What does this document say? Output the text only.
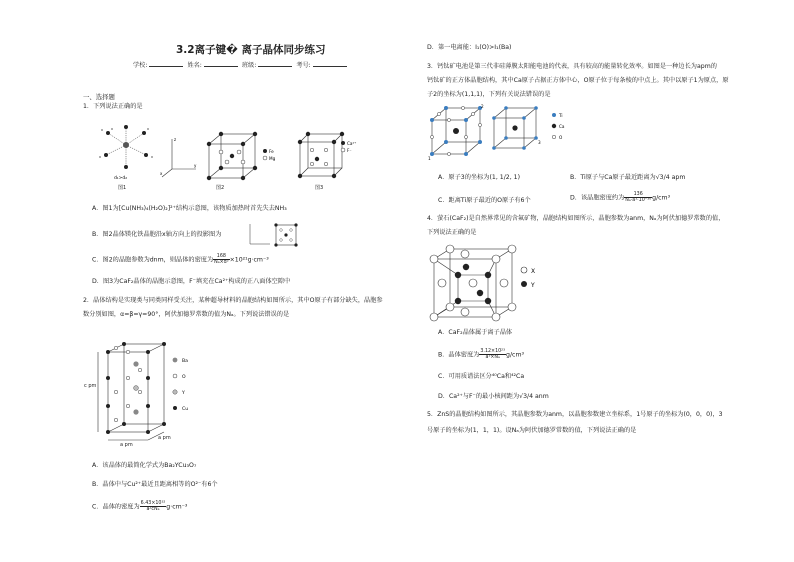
3.2离子键� 离子晶体同步练习
学校:	姓名:	班级:	考号:
一、选择题
1．下列说法正确的是
d₁>d₂
z
y
x
Fe
Mg
Ca²⁺
F⁻
图1	图2	图3
A．图1为[Cu(NH₃)₄(H₂O)₂]²⁺结构示意图，该物质加热时首先失去NH₃
B．图2晶体镁化铁晶胞沿x轴方向上的投影图为
C．图2的晶胞参数为dnm，则晶体的密度为 $\frac{168}{\text{Nₐ×d³}} \times 10^{21}g\cdot cm^{-3}$
D．图3为CaF₂晶体的晶胞示意图，F⁻填充在Ca²⁺构成的正八面体空隙中
2．晶体结构是实现类与同类同样受关注，某种超导材料的晶胞结构如图所示，其中O原子有部分缺失，晶胞参
数分别如图，α=β=γ=90°，阿伏加德罗常数的值为Nₐ。下列说法错误的是
c pm
a pm
a pm
Ba
O
Y
Cu
A．该晶体的最简化学式为Ba₂YCu₃O₇
B．晶体中与Cu²⁺最近且距离相等的O²⁻有6个
C．晶体的密度为 $\frac{\text{6.43×10³²}}{\text{a²cNₐ}} g\cdot cm^{-3}$
D．第一电离能：I₁(O)>I₁(Ba)
3．钙钛矿电池是第三代非硅薄膜太阳能电池的代表，具有较高的能量转化效率。如图是一种边长为apm的
钙钛矿的正方体晶胞结构，其中Ca原子占据正方体中心，O原子位于每条棱的中点上。其中以原子1为原点，原
子2的坐标为(1,1,1)，下列有关说法错误的是
1
2
3
Ti
Ca
O
A．原子3的坐标为(1, 1/2, 1)	B．Ti原子与Ca原子最近距离为√3/4 apm
C．距离Ti原子最近的O原子有6个	D．该晶胞密度约为 $\frac{136}{\text{Nₐ·a³·10⁻³⁰}} g/cm^3$
4．萤石(CaF₂)是自然界常见的含氟矿物，晶胞结构如图所示，晶胞参数为anm，Nₐ为阿伏加德罗常数的值，
下列说法正确的是
X
Y
A．CaF₂晶体属于离子晶体
B．晶体密度为 $\frac{\text{3.12×10²³}}{\text{a³×Nₐ}} g/cm^3$
C．可用质谱法区分⁴⁰Ca和⁴²Ca
D．Ca²⁺与F⁻的最小核间距为√3/4 anm
5．ZnS的晶胞结构如图所示，其晶胞参数为anm，以晶胞参数建立坐标系，1号原子的坐标为(0，0，0)，3
号原子的坐标为(1，1，1)。设Nₐ为阿伏加德罗常数的值，下列说法正确的是
